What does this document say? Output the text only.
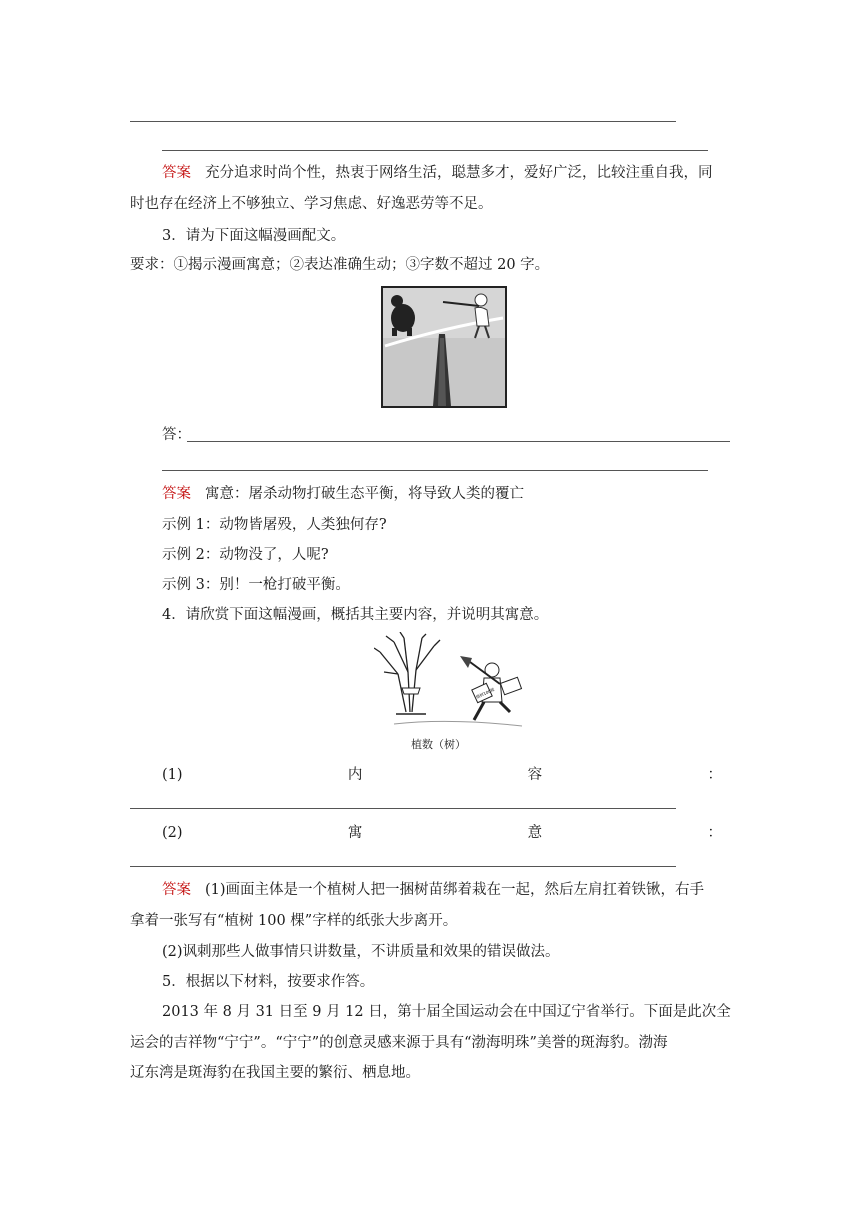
答案 充分追求时尚个性，热衷于网络生活，聪慧多才，爱好广泛，比较注重自我，同
时也存在经济上不够独立、学习焦虑、好逸恶劳等不足。
3．请为下面这幅漫画配文。
要求：①揭示漫画寓意；②表达准确生动；③字数不超过 20 字。
答：
答案 寓意：屠杀动物打破生态平衡，将导致人类的覆亡
示例 1：动物皆屠殁，人类独何存?
示例 2：动物没了，人呢?
示例 3：别！一枪打破平衡。
4．请欣赏下面这幅漫画，概括其主要内容，并说明其寓意。
植树100棵
植数（树）
(1)	内	容	：
(2)	寓	意	：
答案 (1)画面主体是一个植树人把一捆树苗绑着栽在一起，然后左肩扛着铁锹，右手
拿着一张写有“植树 100 棵”字样的纸张大步离开。
(2)讽刺那些人做事情只讲数量，不讲质量和效果的错误做法。
5．根据以下材料，按要求作答。
2013 年 8 月 31 日至 9 月 12 日，第十届全国运动会在中国辽宁省举行。下面是此次全
运会的吉祥物“宁宁”。“宁宁”的创意灵感来源于具有“渤海明珠”美誉的斑海豹。渤海
辽东湾是斑海豹在我国主要的繁衍、栖息地。
